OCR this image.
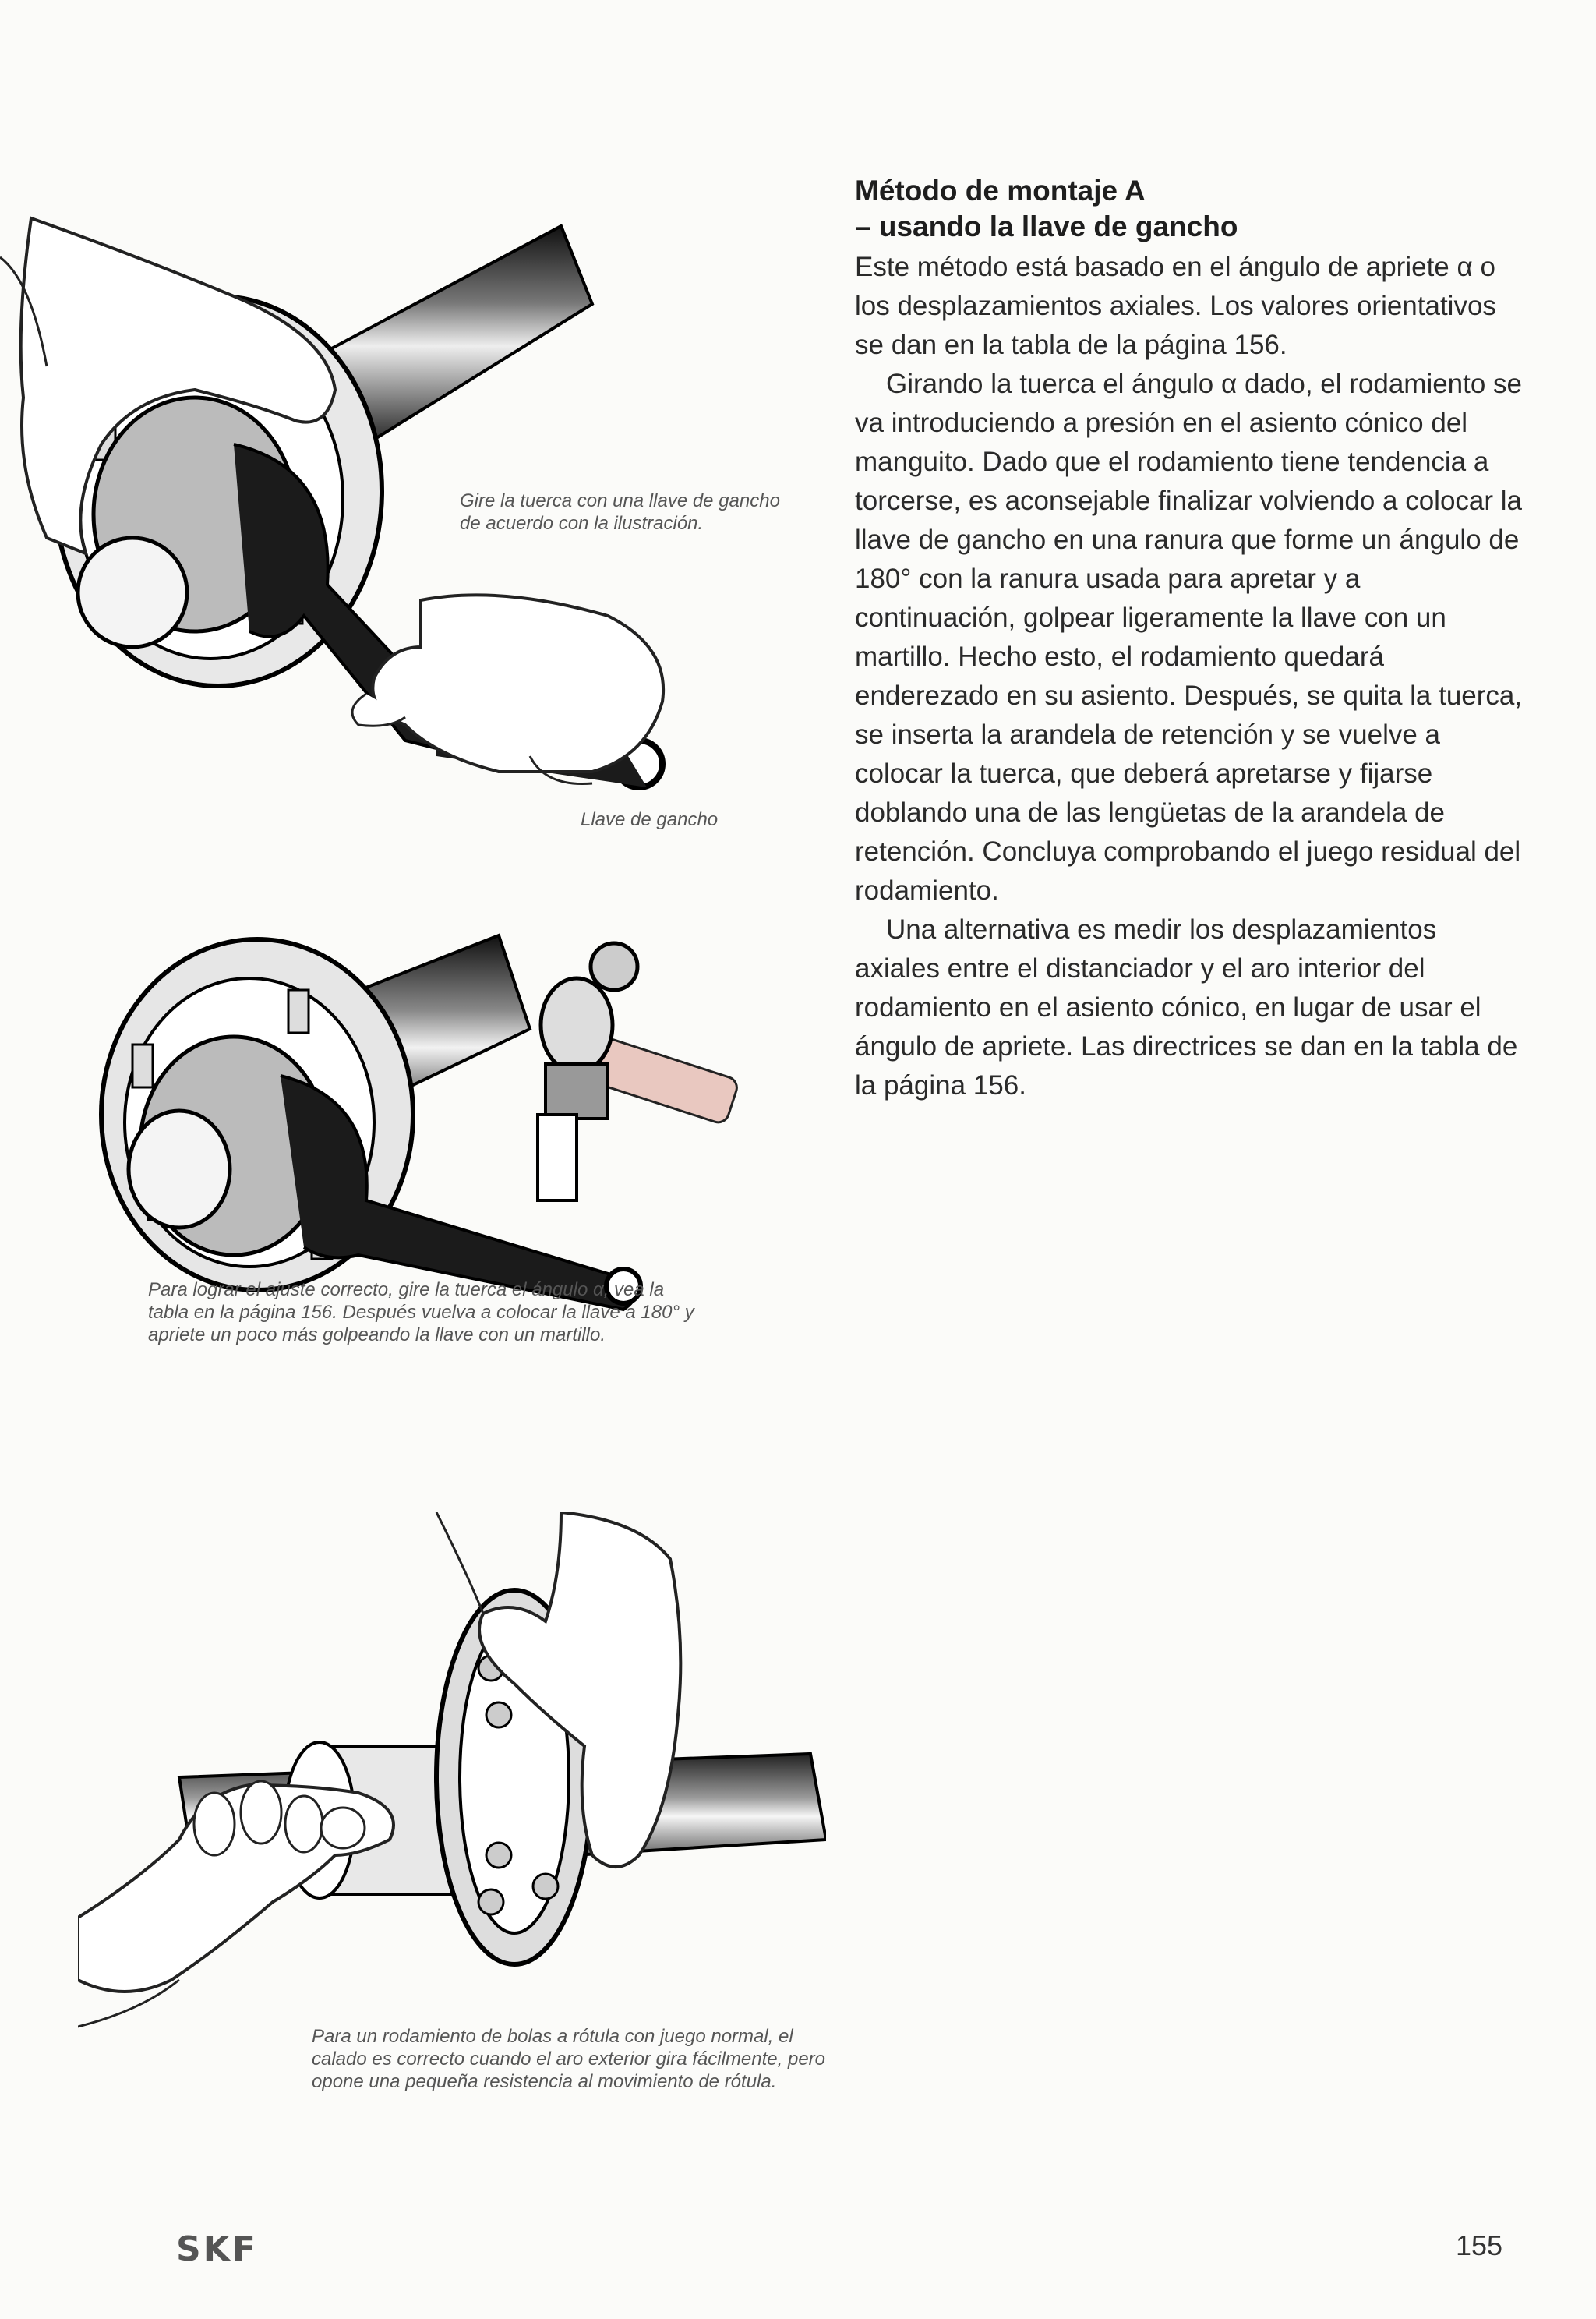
Gire la tuerca con una llave de gancho de acuerdo con la ilustración.

Llave de gancho

Para lograr el ajuste correcto, gire la tuerca el ángulo α, vea la tabla en la página 156. Después vuelva a colocar la llave a 180° y apriete un poco más golpeando la llave con un martillo.

Para un rodamiento de bolas a rótula con juego normal, el calado es correcto cuando el aro exterior gira fácilmente, pero opone una pequeña resistencia al movimiento de rótula.

Método de montaje A
– usando la llave de gancho

Este método está basado en el ángulo de apriete α o los desplazamientos axiales. Los valores orientativos se dan en la tabla de la página 156.

Girando la tuerca el ángulo α dado, el rodamiento se va introduciendo a presión en el asiento cónico del manguito. Dado que el rodamiento tiene tendencia a torcerse, es aconsejable finalizar volviendo a colocar la llave de gancho en una ranura que forme un ángulo de 180° con la ranura usada para apretar y a continuación, golpear ligeramente la llave con un martillo. Hecho esto, el rodamiento quedará enderezado en su asiento. Después, se quita la tuerca, se inserta la arandela de retención y se vuelve a colocar la tuerca, que deberá apretarse y fijarse doblando una de las lengüetas de la arandela de retención. Concluya comprobando el juego residual del rodamiento.

Una alternativa es medir los desplazamientos axiales entre el distanciador y el aro interior del rodamiento en el asiento cónico, en lugar de usar el ángulo de apriete. Las directrices se dan en la tabla de la página 156.

SKF	155
